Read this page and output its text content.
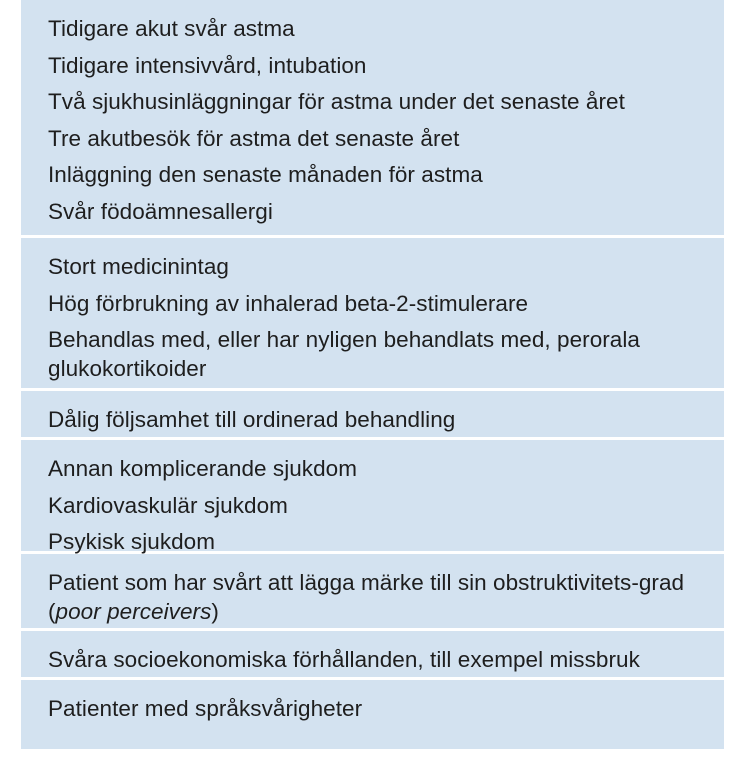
Tidigare akut svår astma
Tidigare intensivvård, intubation
Två sjukhusinläggningar för astma under det senaste året
Tre akutbesök för astma det senaste året
Inläggning den senaste månaden för astma
Svår födoämnesallergi
Stort medicinintag
Hög förbrukning av inhalerad beta-2-stimulerare
Behandlas med, eller har nyligen behandlats med, perorala glukokortikoider
Dålig följsamhet till ordinerad behandling
Annan komplicerande sjukdom
Kardiovaskulär sjukdom
Psykisk sjukdom
Patient som har svårt att lägga märke till sin obstruktivitets-grad (poor perceivers)
Svåra socioekonomiska förhållanden, till exempel missbruk
Patienter med språksvårigheter
